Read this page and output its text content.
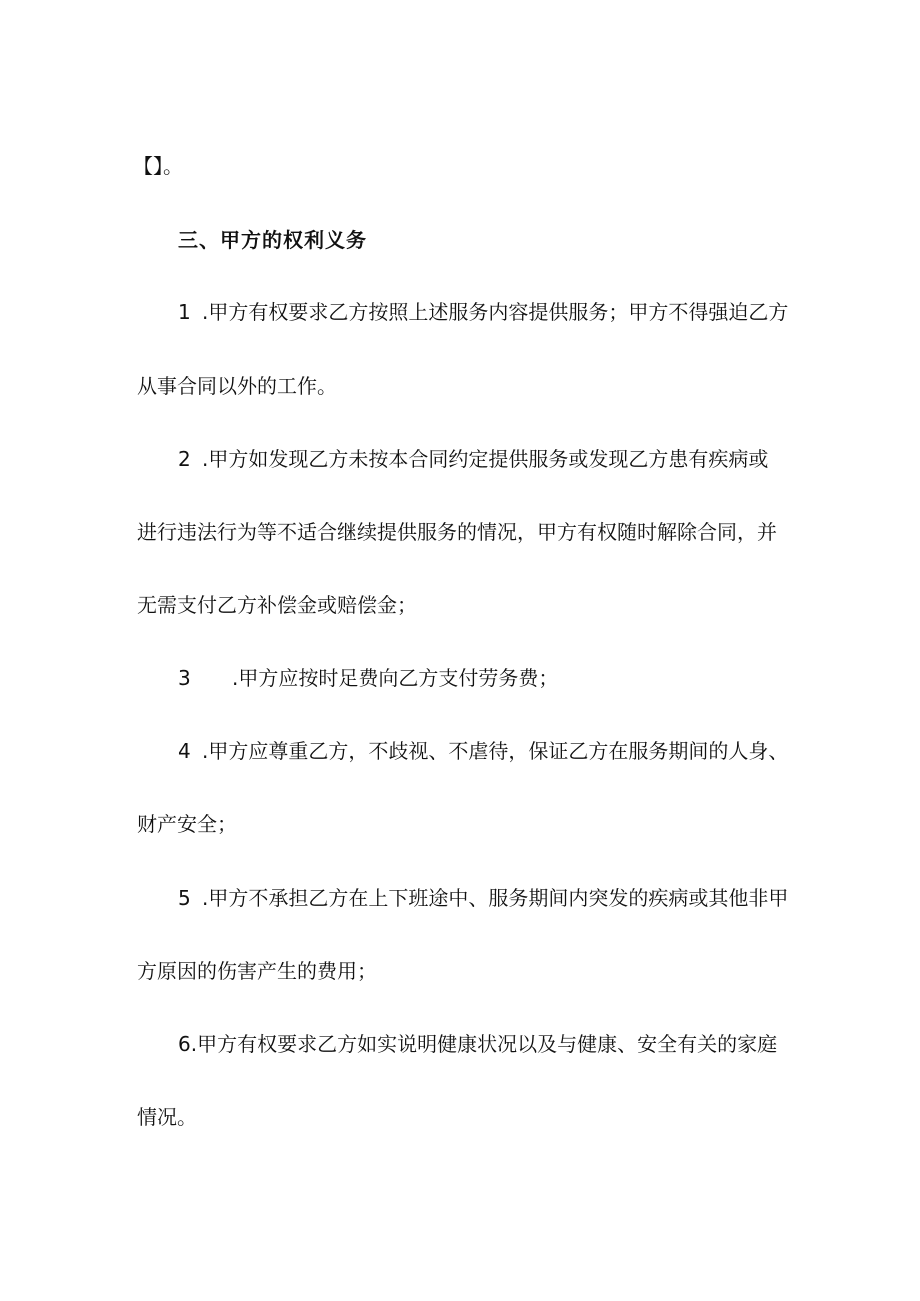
【】。
三、甲方的权利义务
1 .甲方有权要求乙方按照上述服务内容提供服务；甲方不得强迫乙方
从事合同以外的工作。
2 .甲方如发现乙方未按本合同约定提供服务或发现乙方患有疾病或
进行违法行为等不适合继续提供服务的情况，甲方有权随时解除合同，并
无需支付乙方补偿金或赔偿金；
3 .甲方应按时足费向乙方支付劳务费；
4 .甲方应尊重乙方，不歧视、不虐待，保证乙方在服务期间的人身、
财产安全；
5 .甲方不承担乙方在上下班途中、服务期间内突发的疾病或其他非甲
方原因的伤害产生的费用；
6.甲方有权要求乙方如实说明健康状况以及与健康、安全有关的家庭
情况。
